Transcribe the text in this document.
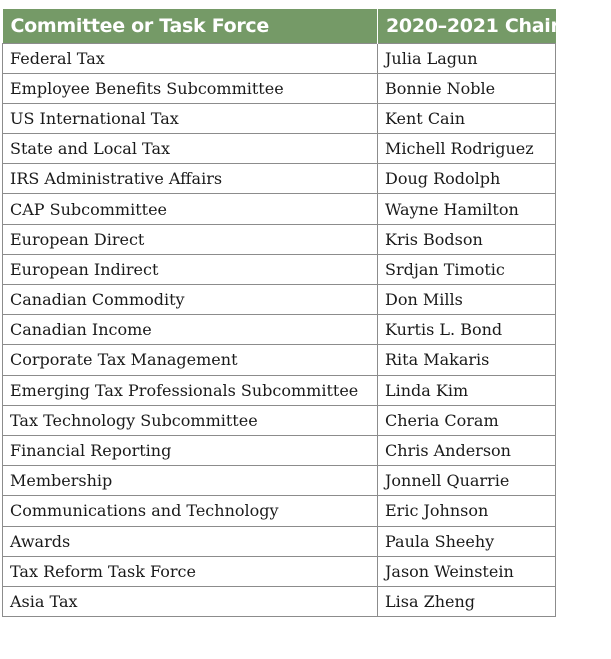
Committee or Task Force	2020–2021 Chair
Federal Tax	Julia Lagun
Employee Benefits Subcommittee	Bonnie Noble
US International Tax	Kent Cain
State and Local Tax	Michell Rodriguez
IRS Administrative Affairs	Doug Rodolph
CAP Subcommittee	Wayne Hamilton
European Direct	Kris Bodson
European Indirect	Srdjan Timotic
Canadian Commodity	Don Mills
Canadian Income	Kurtis L. Bond
Corporate Tax Management	Rita Makaris
Emerging Tax Professionals Subcommittee	Linda Kim
Tax Technology Subcommittee	Cheria Coram
Financial Reporting	Chris Anderson
Membership	Jonnell Quarrie
Communications and Technology	Eric Johnson
Awards	Paula Sheehy
Tax Reform Task Force	Jason Weinstein
Asia Tax	Lisa Zheng
